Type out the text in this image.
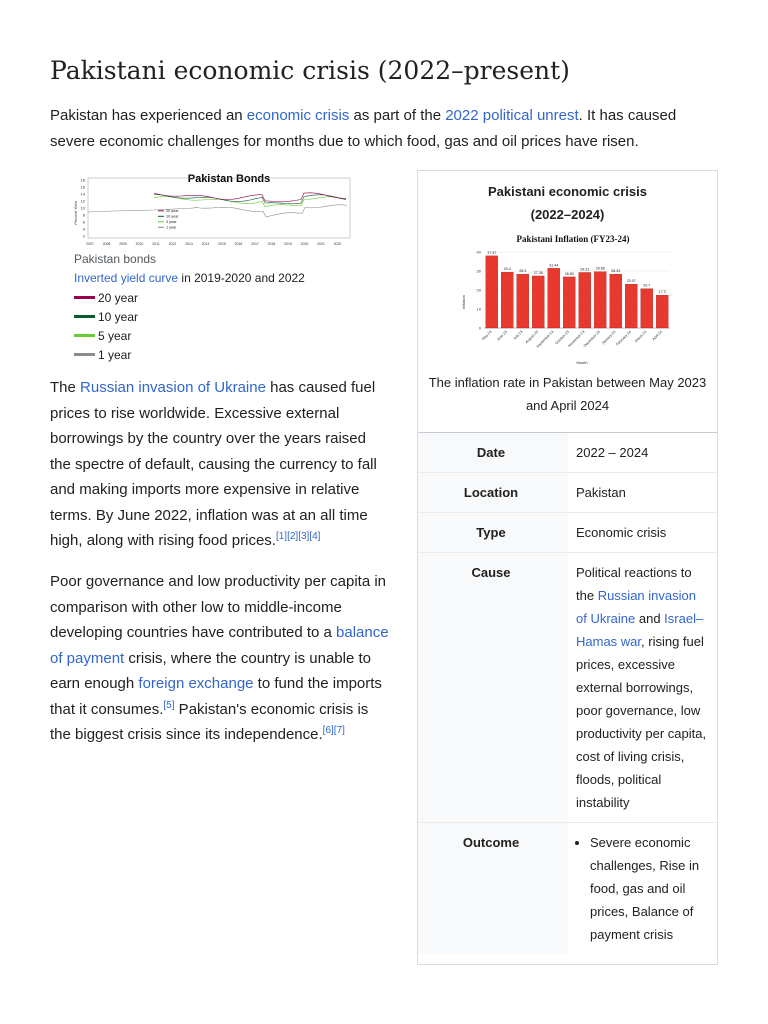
Pakistani economic crisis (2022–present)

Pakistan has experienced an economic crisis as part of the 2022 political unrest. It has caused severe economic challenges for months due to which food, gas and oil prices have risen.

Pakistan Bonds
Percent Yield
18
16
14
12
10
8
6
4
2
2007 2008 2009 2010	2011	2012 2013 2014 2015 2016 2017 2018 2019 2020 2021 2022
20 year
10 year
3 year
1 year
Pakistan bonds
Inverted yield curve in 2019-2020 and 2022
20 year
10 year
5 year
1 year

The Russian invasion of Ukraine has caused fuel prices to rise worldwide. Excessive external borrowings by the country over the years raised the spectre of default, causing the currency to fall and making imports more expensive in relative terms. By June 2022, inflation was at an all time high, along with rising food prices.[1][2][3][4]

Poor governance and low productivity per capita in comparison with other low to middle-income developing countries have contributed to a balance of payment crisis, where the country is unable to earn enough foreign exchange to fund the imports that it consumes.[5] Pakistan's economic crisis is the biggest crisis since its independence.[6][7]

Pakistani economic crisis
(2022–2024)
Pakistani Inflation (FY23-24)
Inflation
Month
0
10
20
30
40 37.97
29.4
28.3 27.38
31.44
26.89
29.23 29.66
28.34
23.07
20.7
17.3
May 23 June 23 July 23 August 23
September 23 October 23
November 23
December 23 January 24
February 24 March 24 April 24
The inflation rate in Pakistan between May 2023 and April 2024
Date	2022 – 2024
Location	Pakistan
Type	Economic crisis
Cause	Political reactions to the Russian invasion of Ukraine and Israel–Hamas war, rising fuel prices, excessive external borrowings, poor governance, low productivity per capita, cost of living crisis, floods, political instability
Outcome
•	Severe economic challenges, Rise in food, gas and oil prices, Balance of payment crisis
